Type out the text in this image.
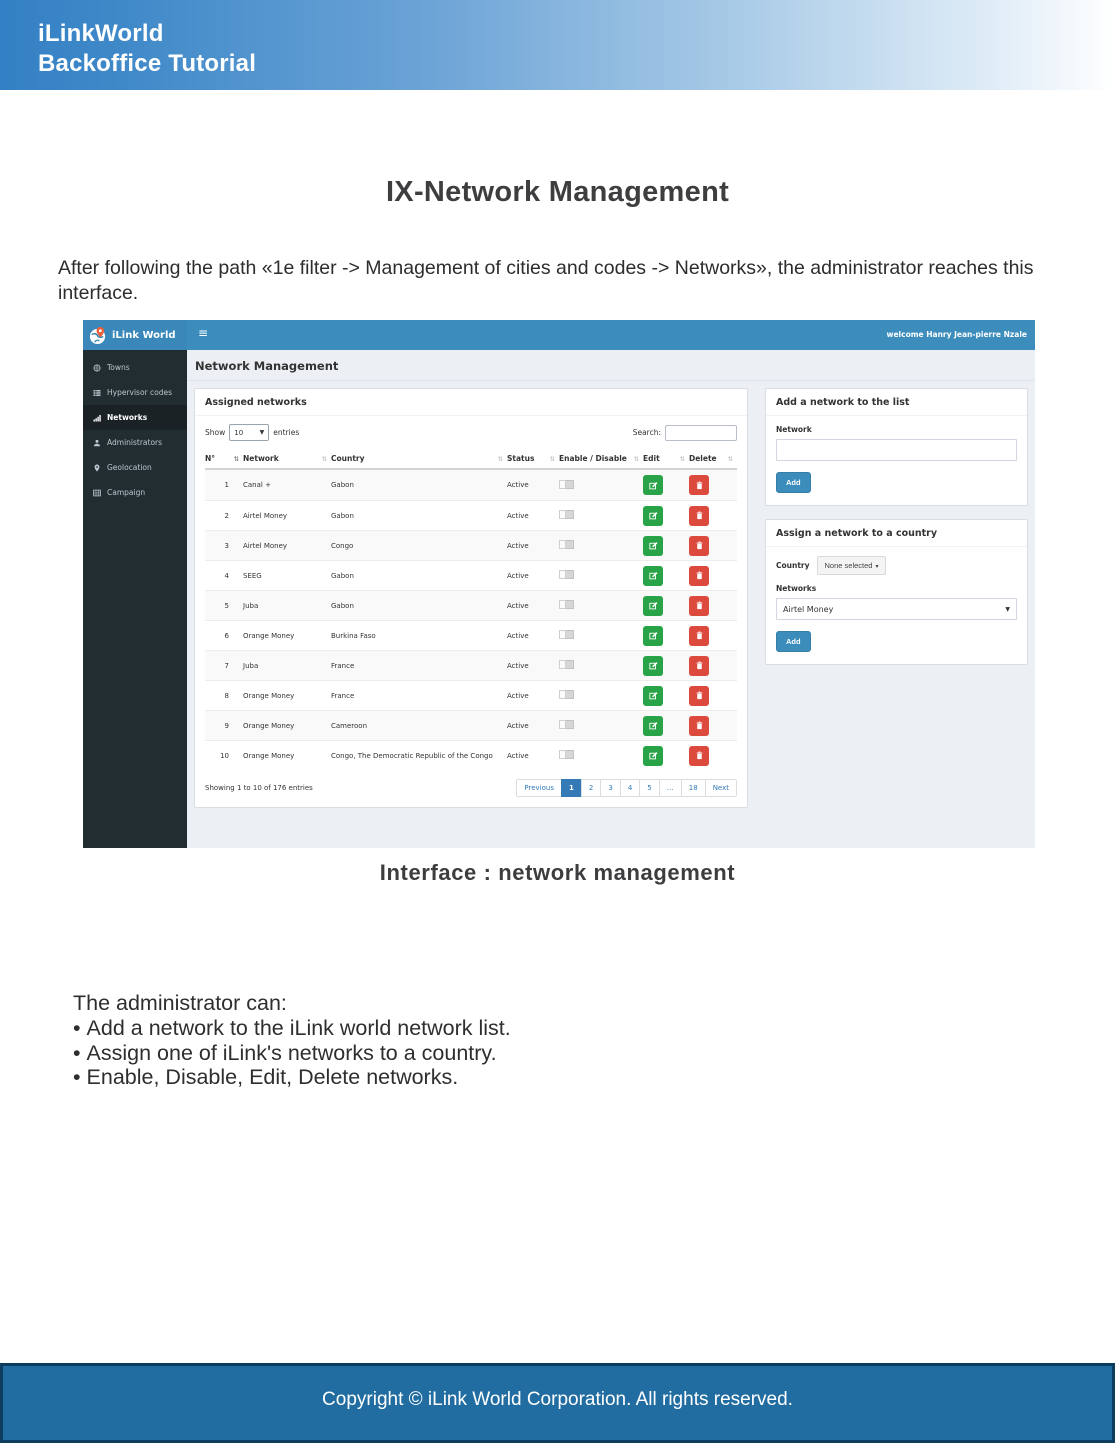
iLinkWorld
Backoffice Tutorial
IX-Network Management

After following the path «1e filter -> Management of cities and codes -> Networks», the administrator reaches this interface.

iLink World ≡	welcome Hanry Jean-pierre Nzale
Towns
Hypervisor codes
Networks
Administrators
Geolocation
Campaign
Network Management
Assigned networks
Show 10	▼ entries	Search:
N°	⇅ Network	⇅ Country	⇅ Status ⇅ Enable / Disable ⇅ Edit	⇅ Delete ⇅
1	Canal +	Gabon	Active
2	Airtel Money	Gabon	Active
3	Airtel Money	Congo	Active
4	SEEG	Gabon	Active
5	Juba	Gabon	Active
6	Orange Money	Burkina Faso	Active
7	Juba	France	Active
8	Orange Money	France	Active
9	Orange Money	Cameroon	Active
10	Orange Money	Congo, The Democratic Republic of the Congo	Active
Showing 1 to 10 of 176 entries	Previous	1	2	3	4	5	…	18	Next
Add a network to the list
Network
Add
Assign a network to a country
Country	None selected ▾
Networks
Airtel Money	▼
Add
Interface : network management
The administrator can:
• Add a network to the iLink world network list.
• Assign one of iLink's networks to a country.
• Enable, Disable, Edit, Delete networks.
Copyright © iLink World Corporation. All rights reserved.
